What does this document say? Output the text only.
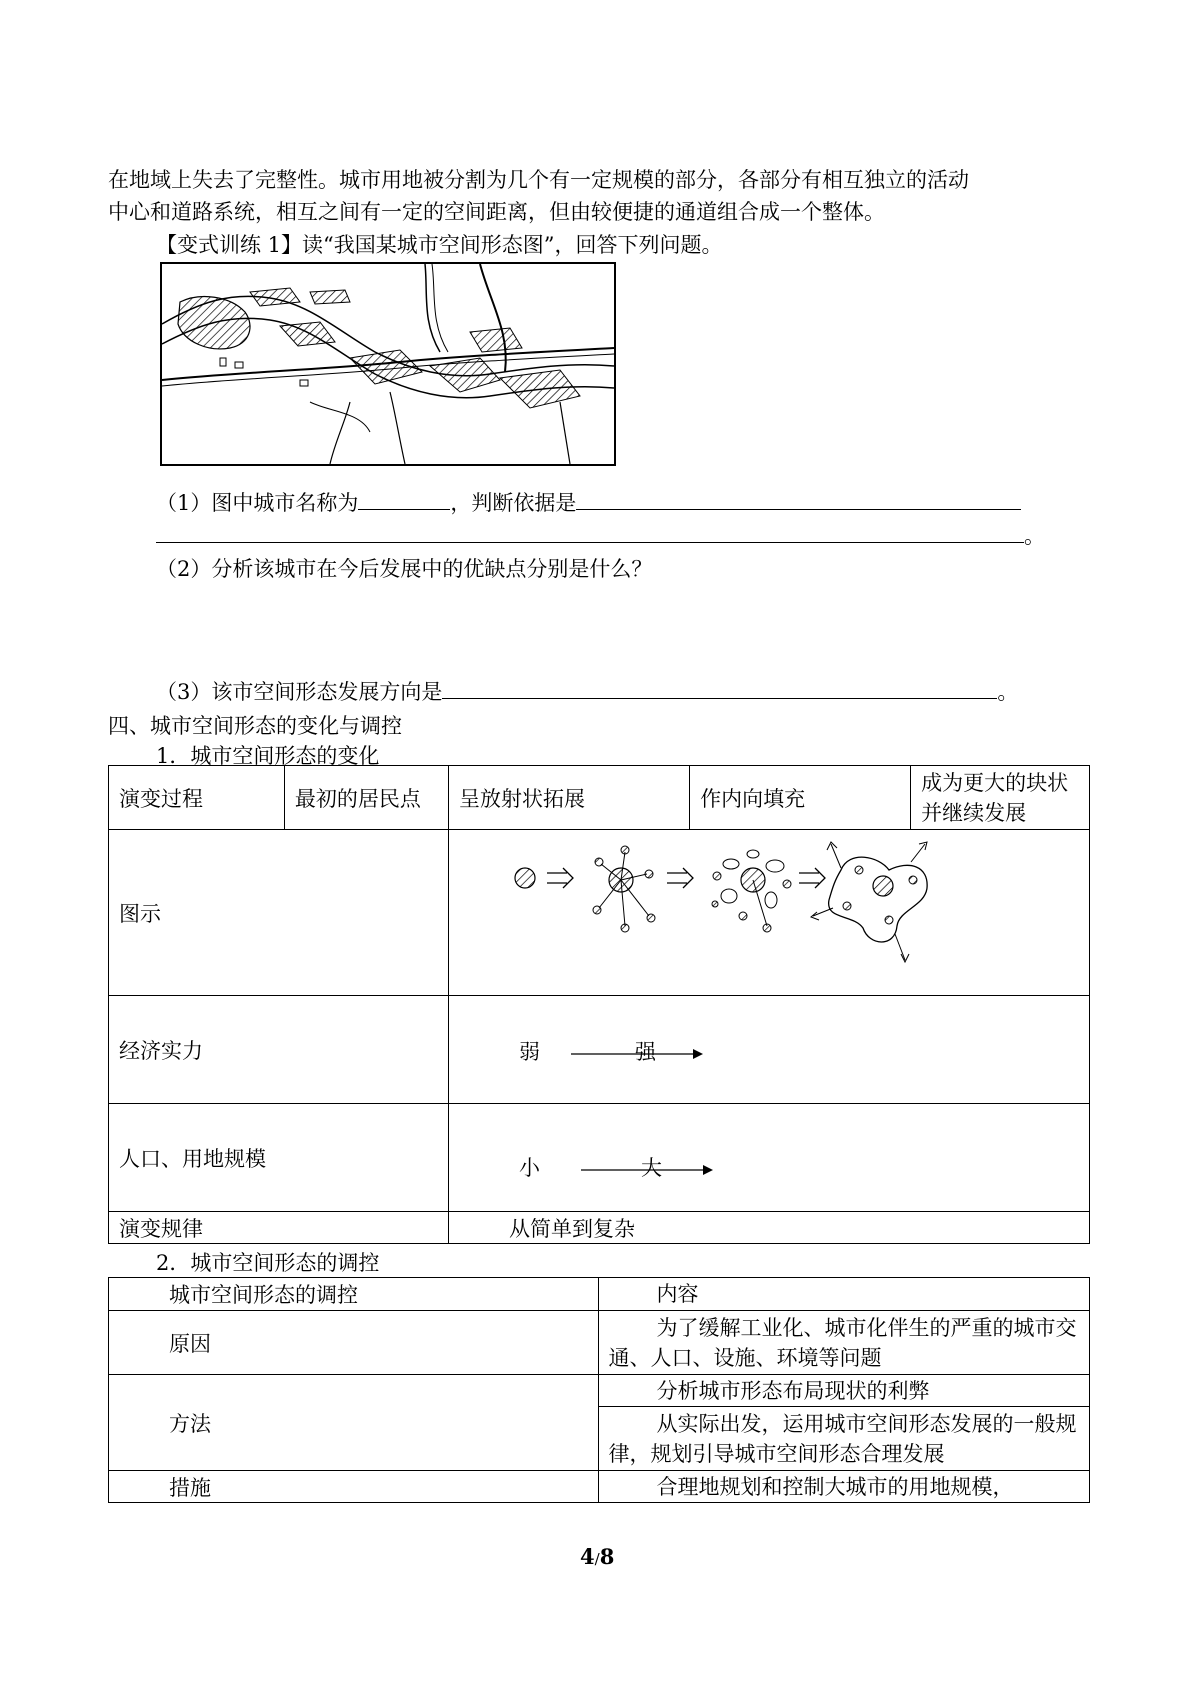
在地域上失去了完整性。城市用地被分割为几个有一定规模的部分，各部分有相互独立的活动
中心和道路系统，相互之间有一定的空间距离，但由较便捷的通道组合成一个整体。
【变式训练 1】读“我国某城市空间形态图”，回答下列问题。
（1）图中城市名称为	，判断依据是
。
（2）分析该城市在今后发展中的优缺点分别是什么？
（3）该市空间形态发展方向是	。
四、城市空间形态的变化与调控
1．城市空间形态的变化
演变过程	最初的居民点	呈放射状拓展	作内向填充	成为更大的块状并继续发展
图示	
经济实力		弱 强		

人口、用地规模		小 大		

演变规律		从简单到复杂		
2．城市空间形态的调控
城市空间形态的调控	内容
原因	为了缓解工业化、城市化伴生的严重的城市交通、人口、设施、环境等问题
方法	分析城市形态布局现状的利弊
	从实际出发，运用城市空间形态发展的一般规律，规划引导城市空间形态合理发展
措施	合理地规划和控制大城市的用地规模，
4/8
